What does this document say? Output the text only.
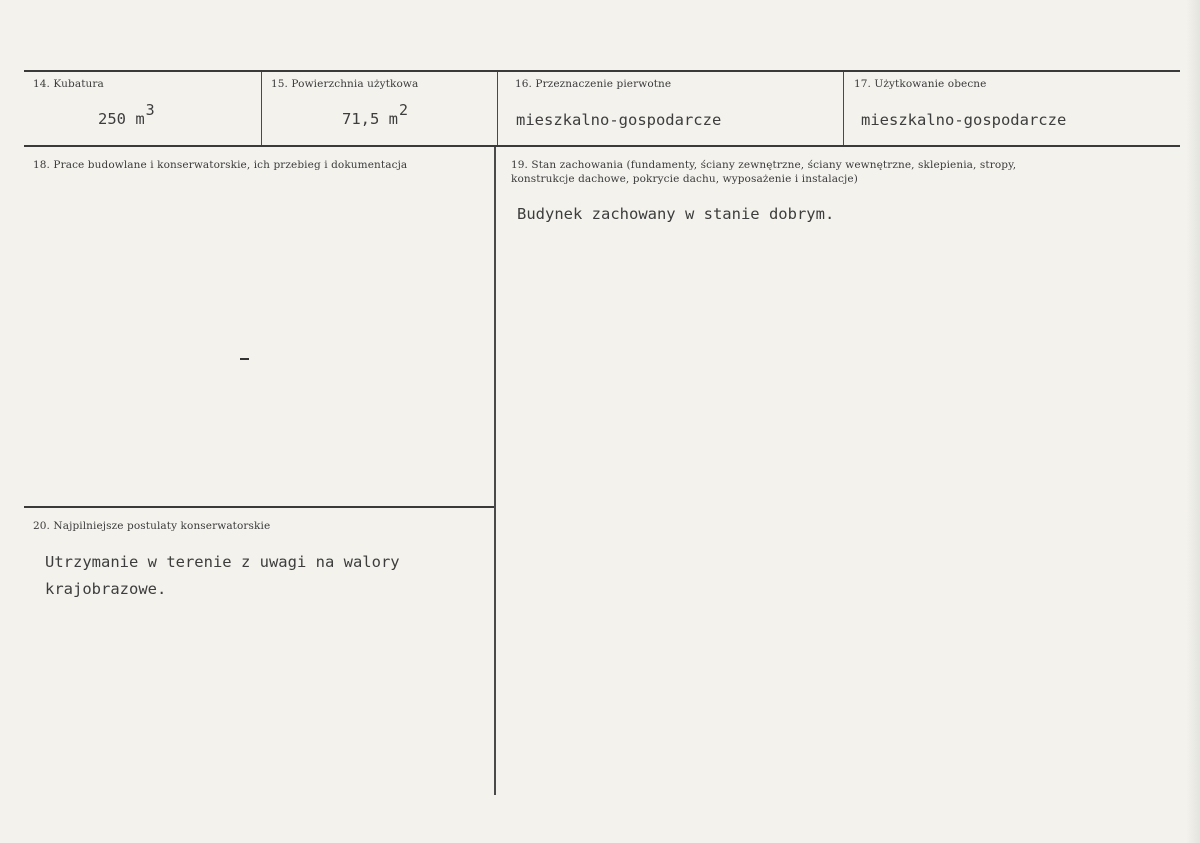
14. Kubatura
250 m3
15. Powierzchnia użytkowa
71,5 m2
16. Przeznaczenie pierwotne
mieszkalno-gospodarcze
17. Użytkowanie obecne
mieszkalno-gospodarcze
18. Prace budowlane i konserwatorskie, ich przebieg i dokumentacja	19. Stan zachowania (fundamenty, ściany zewnętrzne, ściany wewnętrzne, sklepienia, stropy,
konstrukcje dachowe, pokrycie dachu, wyposażenie i instalacje)
Budynek zachowany w stanie dobrym.
20. Najpilniejsze postulaty konserwatorskie
Utrzymanie w terenie z uwagi na walory
krajobrazowe.
